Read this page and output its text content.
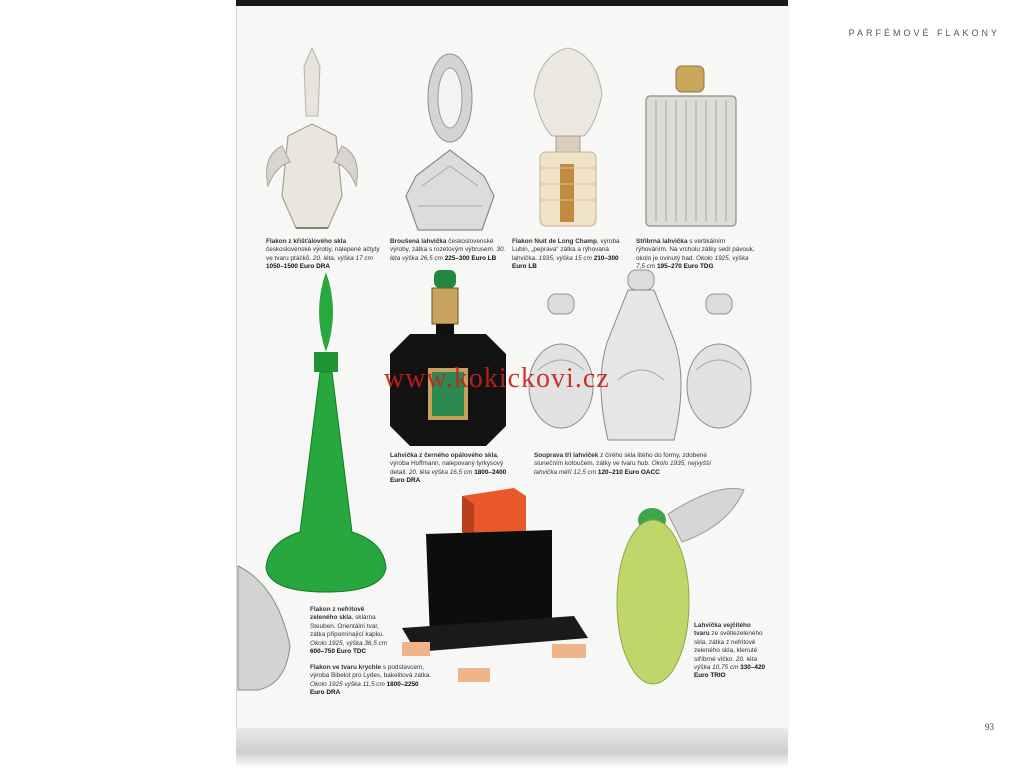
PARFÉMOVÉ FLAKONY
Flakon z křišťálového skla československé výroby, nalepené ačtyty ve tvaru ptáčků. 20. léta, výška 17 cm 1050–1500 Euro DRA
Broušená lahvička československé výroby, zátka s rozetovým výbrusem. 30. léta výška 26,5 cm 225–300 Euro LB
Flakon Nuit de Long Champ, výroba Lubin, „peprava“ zátka a rýhovaná lahvička. 1935, výška 15 cm 210–300 Euro LB
Stříbrná lahvička s vertikálním rýhováním. Na vrcholu zátky sedí pávouk, okolo je ovinutý had. Okolo 1925, výška 7,5 cm 195–270 Euro TDG
Flakon z nefritově zeleného skla, sklárna Steuben. Orientální tvar, zátka připomínající kapku. Okolo 1925, výška 36,5 cm 600–750 Euro TDC
Lahvička z černého opálového skla, výroba Hoffmann, nalepovaný tyrkysový detail. 20. léta výška 16,5 cm 1800–2400 Euro DRA
Souprava tří lahviček z čirého skla litého do formy, zdobené slunečním kotoučem, zátky ve tvaru hub. Okolo 1935, nejvyšší lahvička měří 12,5 cm 120–210 Euro OACC
Flakon ve tvaru krychle s podstavcem, výroba Bibelot pro Lydes, bakelitová zátka. Okolo 1925 výška 11,5 cm 1800–2250 Euro DRA
Lahvička vejčitého tvaru ze světlezeleného skla, zátka z nefritově zeleného skla, klenuté stříbrné víčko. 20. léta výška 10,75 cm 330–420 Euro TRIO
www.kokickovi.cz
93
